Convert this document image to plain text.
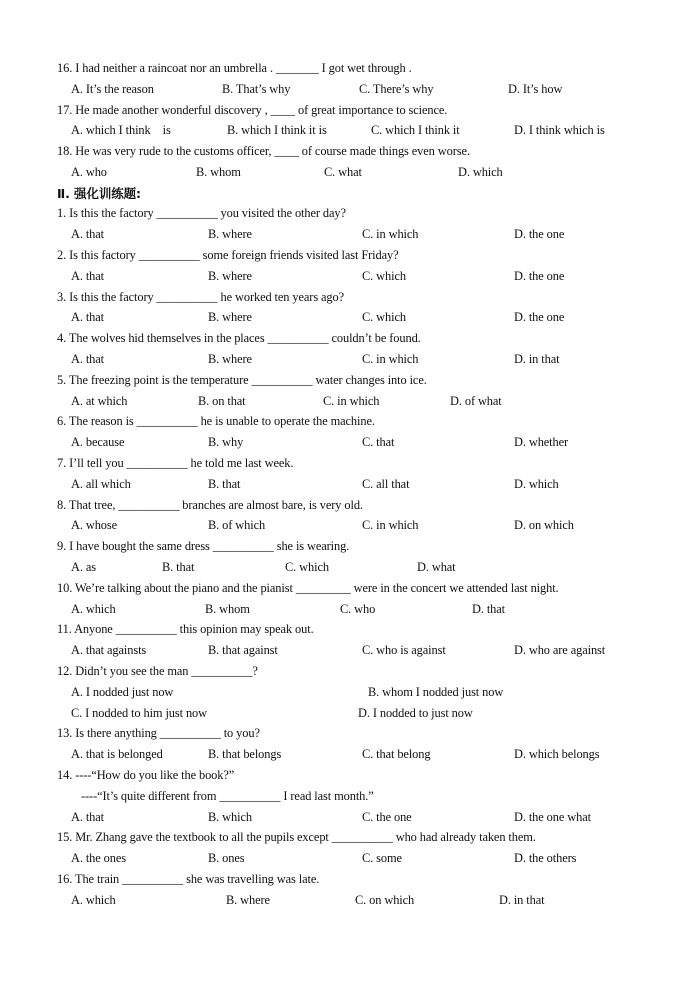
16. I had neither a raincoat nor an umbrella . _______ I got wet through .
A. It’s the reason	B. That’s why	C. There’s why	D. It’s how
17. He made another wonderful discovery , ____ of great importance to science.
A. which I think    is	B. which I think it is	C. which I think it	D. I think which is
18. He was very rude to the customs officer, ____ of course made things even worse.
A. who	B. whom	C. what	D. which
Ⅱ. 强化训练题:
1. Is this the factory __________ you visited the other day?
A. that	B. where	C. in which	D. the one
2. Is this factory __________ some foreign friends visited last Friday?
A. that	B. where	C. which	D. the one
3. Is this the factory __________ he worked ten years ago?
A. that	B. where	C. which	D. the one
4. The wolves hid themselves in the places __________ couldn’t be found.
A. that	B. where	C. in which	D. in that
5. The freezing point is the temperature __________ water changes into ice.
A. at which	B. on that	C. in which	D. of what
6. The reason is __________ he is unable to operate the machine.
A. because	B. why	C. that	D. whether
7. I’ll tell you __________ he told me last week.
A. all which	B. that	C. all that	D. which
8. That tree, __________ branches are almost bare, is very old.
A. whose	B. of which	C. in which	D. on which
9. I have bought the same dress __________ she is wearing.
A. as	B. that	C. which	D. what
10. We’re talking about the piano and the pianist _________ were in the concert we attended last night.
A. which	B. whom	C. who	D. that
11. Anyone __________ this opinion may speak out.
A. that againsts	B. that against	C. who is against	D. who are against
12. Didn’t you see the man __________?
A. I nodded just now	B. whom I nodded just now
C. I nodded to him just now	D. I nodded to just now
13. Is there anything __________ to you?
A. that is belonged	B. that belongs	C. that belong	D. which belongs
14. ----“How do you like the book?”
----“It’s quite different from __________ I read last month.”
A. that	B. which	C. the one	D. the one what
15. Mr. Zhang gave the textbook to all the pupils except __________ who had already taken them.
A. the ones	B. ones	C. some	D. the others
16. The train __________ she was travelling was late.
A. which	B. where	C. on which	D. in that
